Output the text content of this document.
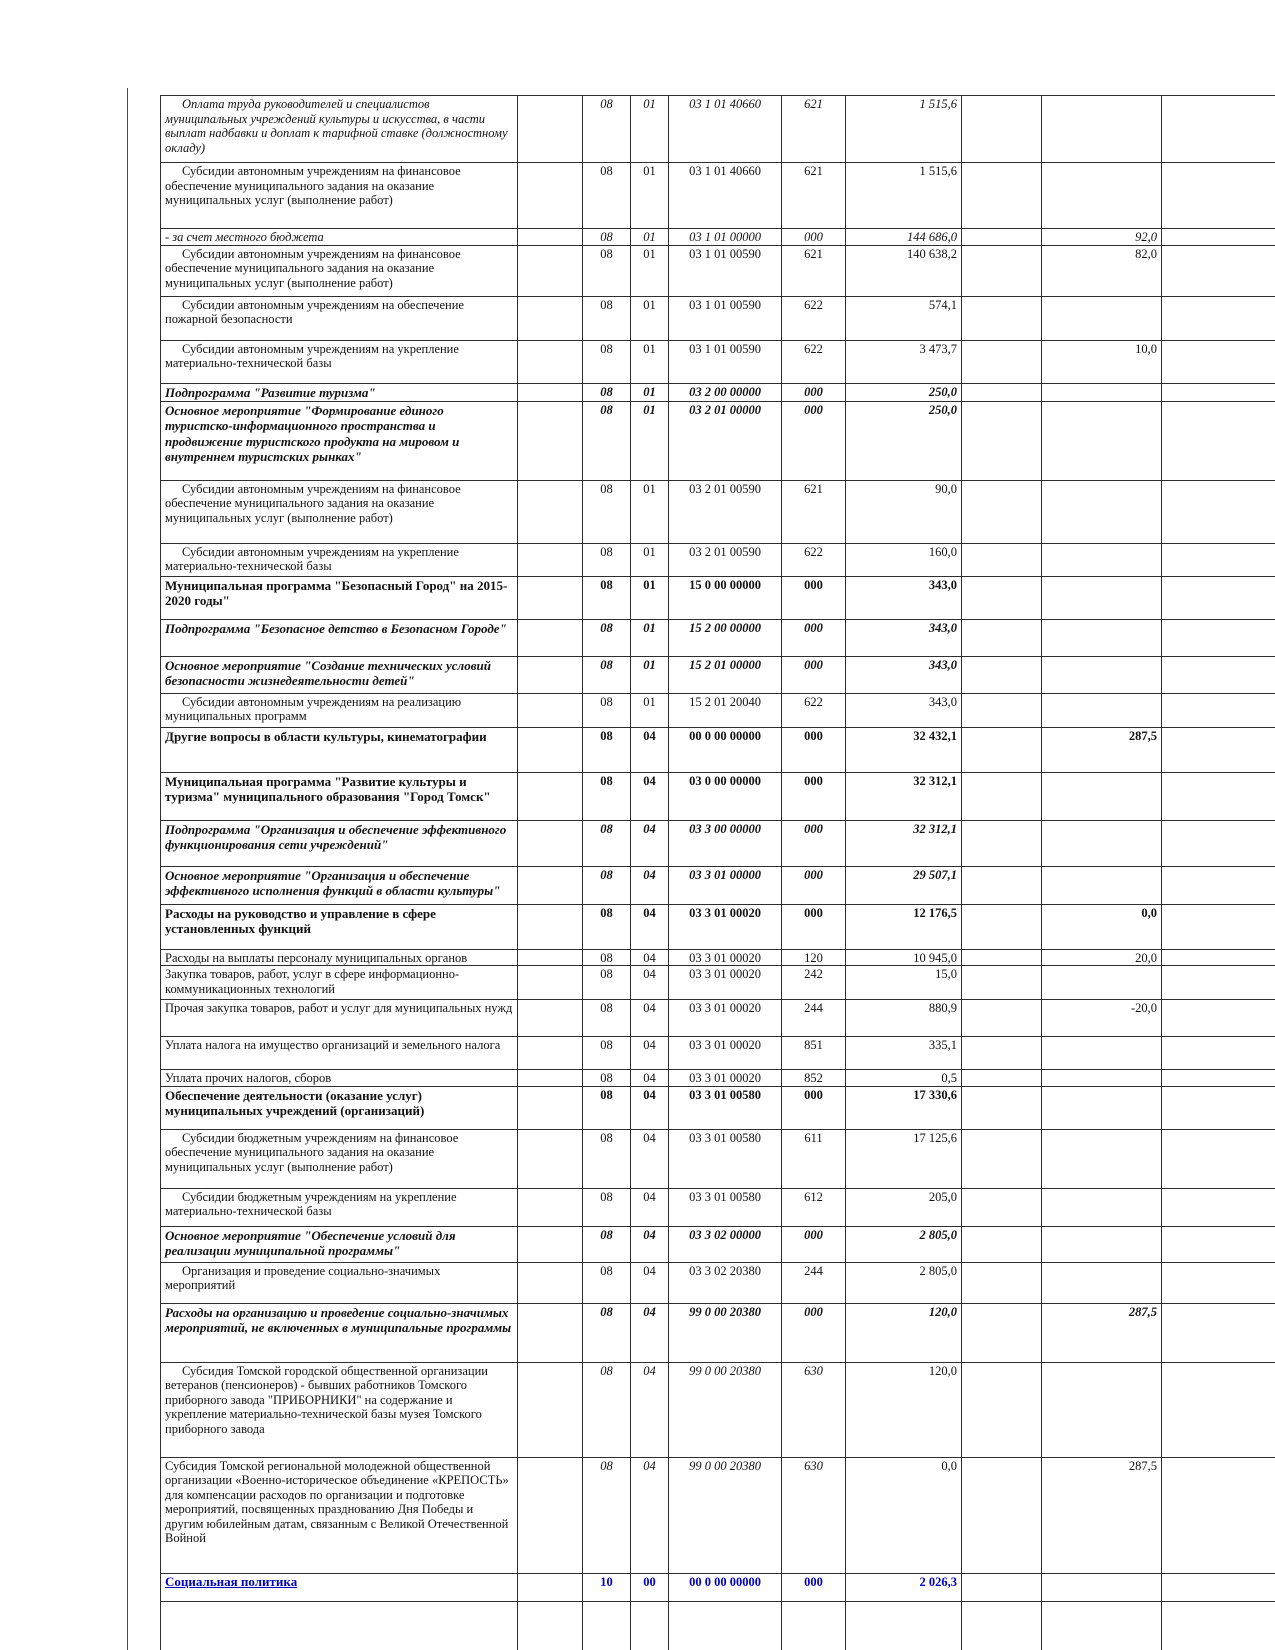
Оплата труда руководителей и специалистов муниципальных учреждений культуры и искусства, в части выплат надбавки и доплат к тарифной ставке (должностному окладу)		08	01	03 1 01 40660	621	1 515,6			
Субсидии автономным учреждениям на финансовое обеспечение муниципального задания на оказание муниципальных услуг (выполнение работ)		08	01	03 1 01 40660	621	1 515,6			
- за счет местного бюджета		08	01	03 1 01 00000	000	144 686,0		92,0	
Субсидии автономным учреждениям на финансовое обеспечение муниципального задания на оказание муниципальных услуг (выполнение работ)		08	01	03 1 01 00590	621	140 638,2		82,0	
Субсидии автономным учреждениям на обеспечение пожарной безопасности		08	01	03 1 01 00590	622	574,1			
Субсидии автономным учреждениям на укрепление материально-технической базы		08	01	03 1 01 00590	622	3 473,7		10,0	
Подпрограмма "Развитие туризма"		08	01	03 2 00 00000	000	250,0			
Основное мероприятие "Формирование единого туристско-информационного пространства и продвижение туристского продукта на мировом и внутреннем туристских рынках"		08	01	03 2 01 00000	000	250,0			
Субсидии автономным учреждениям на финансовое обеспечение муниципального задания на оказание муниципальных услуг (выполнение работ)		08	01	03 2 01 00590	621	90,0			
Субсидии автономным учреждениям на укрепление материально-технической базы		08	01	03 2 01 00590	622	160,0			
Муниципальная программа "Безопасный Город" на 2015-2020 годы"		08	01	15 0 00 00000	000	343,0			
Подпрограмма "Безопасное детство в Безопасном Городе"		08	01	15 2 00 00000	000	343,0			
Основное мероприятие "Создание технических условий безопасности жизнедеятельности детей"		08	01	15 2 01 00000	000	343,0			
Субсидии автономным учреждениям на реализацию муниципальных программ		08	01	15 2 01 20040	622	343,0			
Другие вопросы в области культуры, кинематографии		08	04	00 0 00 00000	000	32 432,1		287,5	
Муниципальная программа "Развитие культуры и туризма" муниципального образования "Город Томск"		08	04	03 0 00 00000	000	32 312,1			
Подпрограмма "Организация и обеспечение эффективного функционирования сети учреждений"		08	04	03 3 00 00000	000	32 312,1			
Основное мероприятие "Организация и обеспечение эффективного исполнения функций в области культуры"		08	04	03 3 01 00000	000	29 507,1			
Расходы на руководство и управление в сфере установленных функций		08	04	03 3 01 00020	000	12 176,5		0,0	
Расходы на выплаты персоналу муниципальных органов		08	04	03 3 01 00020	120	10 945,0		20,0	
Закупка товаров, работ, услуг в сфере информационно-коммуникационных технологий		08	04	03 3 01 00020	242	15,0			
Прочая закупка товаров, работ и услуг для муниципальных нужд		08	04	03 3 01 00020	244	880,9		-20,0	
Уплата налога на имущество организаций и земельного налога		08	04	03 3 01 00020	851	335,1			
Уплата прочих налогов, сборов		08	04	03 3 01 00020	852	0,5			
Обеспечение деятельности (оказание услуг) муниципальных учреждений (организаций)		08	04	03 3 01 00580	000	17 330,6			
Субсидии бюджетным учреждениям на финансовое обеспечение муниципального задания на оказание муниципальных услуг (выполнение работ)		08	04	03 3 01 00580	611	17 125,6			
Субсидии бюджетным учреждениям на укрепление материально-технической базы		08	04	03 3 01 00580	612	205,0			
Основное мероприятие "Обеспечение условий для реализации муниципальной программы"		08	04	03 3 02 00000	000	2 805,0			
Организация и проведение социально-значимых мероприятий		08	04	03 3 02 20380	244	2 805,0			
Расходы на организацию и проведение социально-значимых мероприятий, не включенных в муниципальные программы		08	04	99 0 00 20380	000	120,0		287,5	
Субсидия Томской городской общественной организации ветеранов (пенсионеров) - бывших работников Томского приборного завода "ПРИБОРНИКИ" на содержание и укрепление материально-технической базы музея Томского приборного завода		08	04	99 0 00 20380	630	120,0			
Субсидия Томской региональной молодежной общественной организации «Военно-историческое объединение «КРЕПОСТЬ» для компенсации расходов по организации и подготовке мероприятий, посвященных празднованию Дня Победы и другим юбилейным датам, связанным с Великой Отечественной Войной		08	04	99 0 00 20380	630	0,0		287,5	
Социальная политика		10	00	00 0 00 00000	000	2 026,3			
